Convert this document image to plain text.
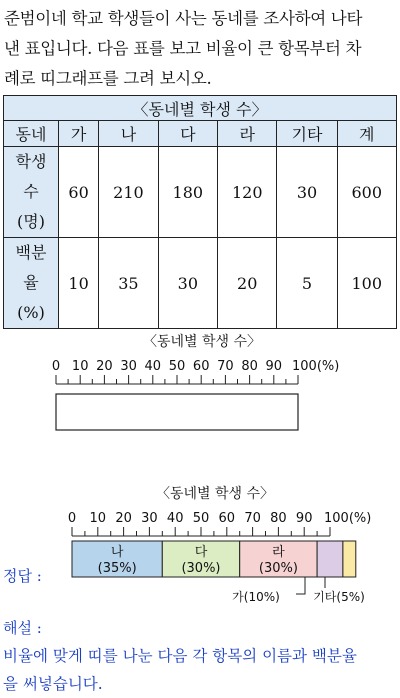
준범이네 학교 학생들이 사는 동네를 조사하여 나타
낸 표입니다. 다음 표를 보고 비율이 큰 항목부터 차
례로 띠그래프를 그려 보시오.
〈동네별 학생 수〉						
동네	가	나	다	라	기타	계

학생
수
(명)	60	210	180	120	30	600

백분
율
(%)	10	35	30	20	5	100
〈동네별 학생 수〉
0 10 20 30 40 50 60 70 80 90 100(%)
정답 :
〈동네별 학생 수〉
0 10 20 30 40 50 60 70 80 90 100(%)
나
(35%)
다
(30%)
라
(30%)
가(10%)	기타(5%)
해설 :
비율에 맞게 띠를 나눈 다음 각 항목의 이름과 백분율
을 써넣습니다.
